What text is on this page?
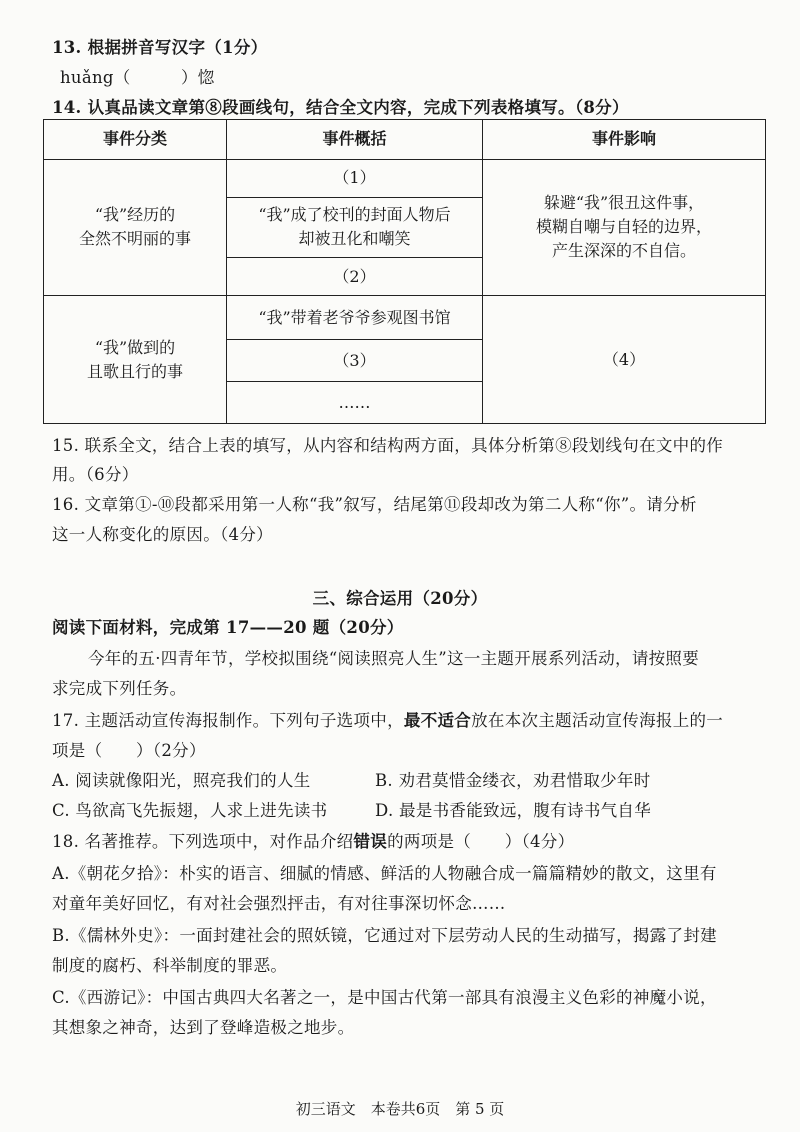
13. 根据拼音写汉字（1分）
huǎng（　　　）惚
14. 认真品读文章第⑧段画线句，结合全文内容，完成下列表格填写。（8分）
事件分类	事件概括	事件影响
“我”经历的
全然不明丽的事	（1）	躲避“我”很丑这件事，
模糊自嘲与自轻的边界，
产生深深的不自信。
	“我”成了校刊的封面人物后
却被丑化和嘲笑	
	（2）	
“我”做到的
且歌且行的事	“我”带着老爷爷参观图书馆	（4）
	（3）	
	……	
15. 联系全文，结合上表的填写，从内容和结构两方面，具体分析第⑧段划线句在文中的作
用。（6分）
16. 文章第①-⑩段都采用第一人称“我”叙写，结尾第⑪段却改为第二人称“你”。请分析
这一人称变化的原因。（4分）
三、综合运用（20分）
阅读下面材料，完成第 17——20 题（20分）
今年的五·四青年节，学校拟围绕“阅读照亮人生”这一主题开展系列活动，请按照要
求完成下列任务。
17. 主题活动宣传海报制作。下列句子选项中，最不适合放在本次主题活动宣传海报上的一
项是（　　）（2分）
A. 阅读就像阳光，照亮我们的人生	B. 劝君莫惜金缕衣，劝君惜取少年时
C. 鸟欲高飞先振翅，人求上进先读书	D. 最是书香能致远，腹有诗书气自华
18. 名著推荐。下列选项中，对作品介绍错误的两项是（　　）（4分）
A.《朝花夕拾》：朴实的语言、细腻的情感、鲜活的人物融合成一篇篇精妙的散文，这里有
对童年美好回忆，有对社会强烈抨击，有对往事深切怀念……
B.《儒林外史》：一面封建社会的照妖镜，它通过对下层劳动人民的生动描写，揭露了封建
制度的腐朽、科举制度的罪恶。
C.《西游记》：中国古典四大名著之一，是中国古代第一部具有浪漫主义色彩的神魔小说，
其想象之神奇，达到了登峰造极之地步。
初三语文　本卷共6页　第 5 页
